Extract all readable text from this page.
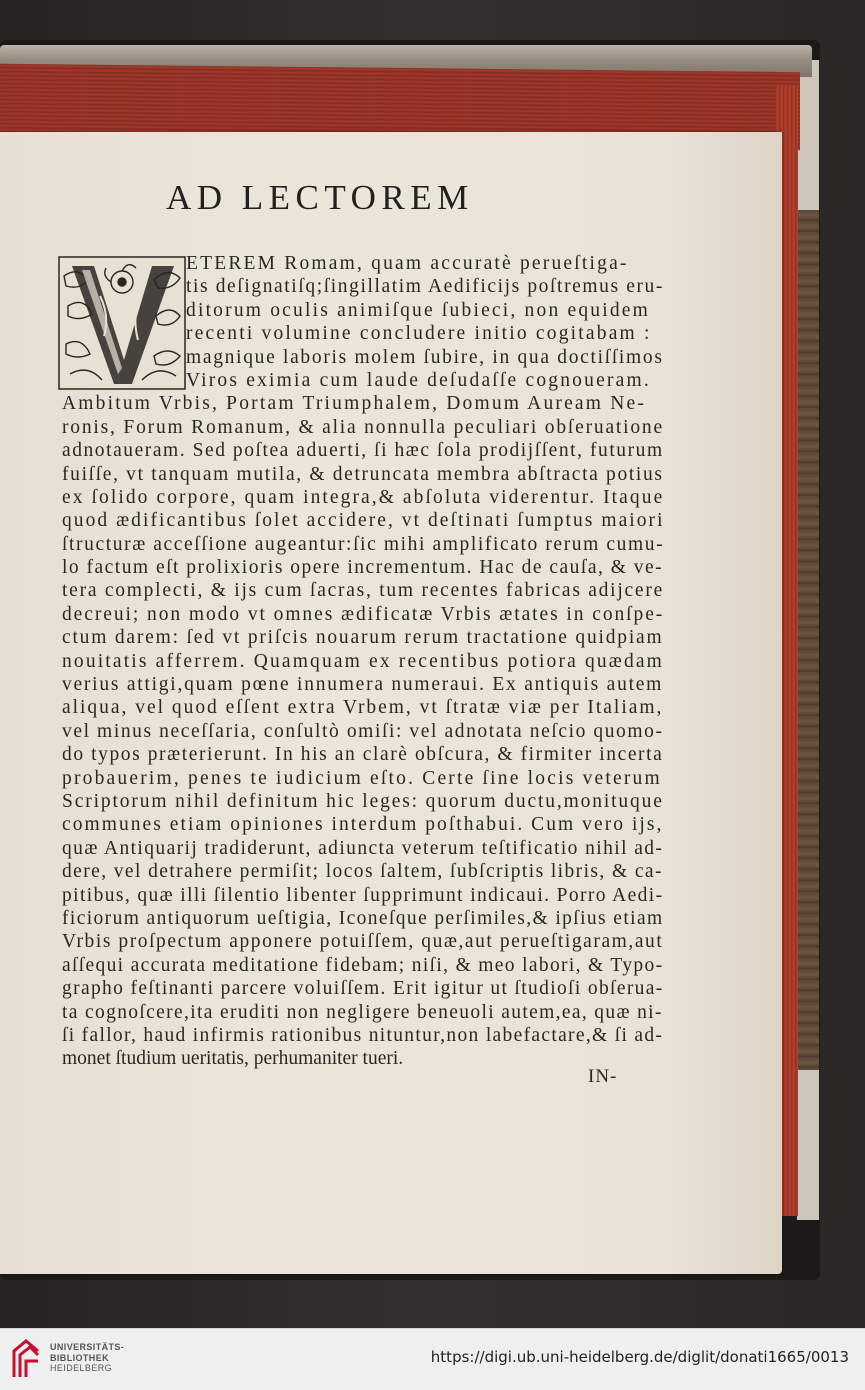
AD LECTOREM
ETEREM Romam, quam accuratè perueſtiga-
tis deſignatiſq;ſingillatim Aedificijs poſtremus eru-
ditorum oculis animiſque ſubieci, non equidem
recenti volumine concludere initio cogitabam :
magnique laboris molem ſubire, in qua doctiſſimos
Viros eximia cum laude deſudaſſe cognoueram.
Ambitum Vrbis, Portam Triumphalem, Domum Auream Ne-
ronis, Forum Romanum, & alia nonnulla peculiari obſeruatione
adnotaueram. Sed poſtea aduerti, ſi hæc ſola prodijſſent, futurum
fuiſſe, vt tanquam mutila, & detruncata membra abſtracta potius
ex ſolido corpore, quam integra,& abſoluta viderentur. Itaque
quod ædificantibus ſolet accidere, vt deſtinati ſumptus maiori
ſtructuræ acceſſione augeantur:ſic mihi amplificato rerum cumu-
lo factum eſt prolixioris opere incrementum. Hac de cauſa, & ve-
tera complecti, & ijs cum ſacras, tum recentes fabricas adijcere
decreui; non modo vt omnes ædificatæ Vrbis ætates in conſpe-
ctum darem: ſed vt priſcis nouarum rerum tractatione quidpiam
nouitatis afferrem. Quamquam ex recentibus potiora quædam
verius attigi,quam pœne innumera numeraui. Ex antiquis autem
aliqua, vel quod eſſent extra Vrbem, vt ſtratæ viæ per Italiam,
vel minus neceſſaria, conſultò omiſi: vel adnotata neſcio quomo-
do typos præterierunt. In his an clarè obſcura, & firmiter incerta
probauerim, penes te iudicium eſto. Certe ſine locis veterum
Scriptorum nihil definitum hic leges: quorum ductu,monituque
communes etiam opiniones interdum poſthabui. Cum vero ijs,
quæ Antiquarij tradiderunt, adiuncta veterum teſtificatio nihil ad-
dere, vel detrahere permiſit; locos ſaltem, ſubſcriptis libris, & ca-
pitibus, quæ illi ſilentio libenter ſupprimunt indicaui. Porro Aedi-
ficiorum antiquorum ueſtigia, Iconeſque perſimiles,& ipſius etiam
Vrbis proſpectum apponere potuiſſem, quæ,aut perueſtigaram,aut
aſſequi accurata meditatione fidebam; niſi, & meo labori, & Typo-
grapho feſtinanti parcere voluiſſem. Erit igitur ut ſtudioſi obſerua-
ta cognoſcere,ita eruditi non negligere beneuoli autem,ea, quæ ni-
ſi fallor, haud infirmis rationibus nituntur,non labefactare,& ſi ad-
monet ſtudium ueritatis, perhumaniter tueri.
IN-
UNIVERSITÄTS-
BIBLIOTHEK
HEIDELBERG
https://digi.ub.uni-heidelberg.de/diglit/donati1665/0013
